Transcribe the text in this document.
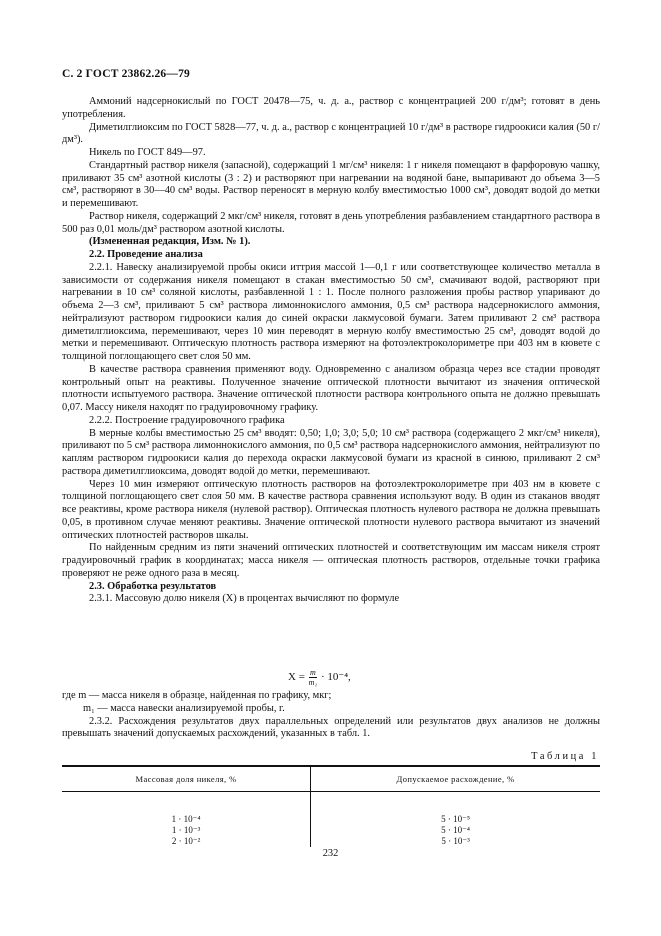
С. 2 ГОСТ 23862.26—79

Аммоний надсернокислый по ГОСТ 20478—75, ч. д. а., раствор с концентрацией 200 г/дм³; готовят в день употребления.

Диметилглиоксим по ГОСТ 5828—77, ч. д. а., раствор с концентрацией 10 г/дм³ в растворе гидроокиси калия (50 г/дм³).

Никель по ГОСТ 849—97.

Стандартный раствор никеля (запасной), содержащий 1 мг/см³ никеля: 1 г никеля помещают в фарфоровую чашку, приливают 35 см³ азотной кислоты (3 : 2) и растворяют при нагревании на водяной бане, выпаривают до объема 3—5 см³, растворяют в 30—40 см³ воды. Раствор переносят в мерную колбу вместимостью 1000 см³, доводят водой до метки и перемешивают.

Раствор никеля, содержащий 2 мкг/см³ никеля, готовят в день употребления разбавлением стандартного раствора в 500 раз 0,01 моль/дм³ раствором азотной кислоты.

(Измененная редакция, Изм. № 1).

2.2. Проведение анализа

2.2.1. Навеску анализируемой пробы окиси иттрия массой 1—0,1 г или соответствующее количество металла в зависимости от содержания никеля помещают в стакан вместимостью 50 см³, смачивают водой, растворяют при нагревании в 10 см³ соляной кислоты, разбавленной 1 : 1. После полного разложения пробы раствор упаривают до объема 2—3 см³, приливают 5 см³ раствора лимоннокислого аммония, 0,5 см³ раствора надсернокислого аммония, нейтрализуют раствором гидроокиси калия до синей окраски лакмусовой бумаги. Затем приливают 2 см³ раствора диметилглиоксима, перемешивают, через 10 мин переводят в мерную колбу вместимостью 25 см³, доводят водой до метки и перемешивают. Оптическую плотность раствора измеряют на фотоэлектроколориметре при 403 нм в кювете с толщиной поглощающего свет слоя 50 мм.

В качестве раствора сравнения применяют воду. Одновременно с анализом образца через все стадии проводят контрольный опыт на реактивы. Полученное значение оптической плотности вычитают из значения оптической плотности испытуемого раствора. Значение оптической плотности раствора контрольного опыта не должно превышать 0,07. Массу никеля находят по градуировочному графику.

2.2.2. Построение градуировочного графика

В мерные колбы вместимостью 25 см³ вводят: 0,50; 1,0; 3,0; 5,0; 10 см³ раствора (содержащего 2 мкг/см³ никеля), приливают по 5 см³ раствора лимоннокислого аммония, по 0,5 см³ раствора надсернокислого аммония, нейтрализуют по каплям раствором гидроокиси калия до перехода окраски лакмусовой бумаги из красной в синюю, приливают 2 см³ раствора диметилглиоксима, доводят водой до метки, перемешивают.

Через 10 мин измеряют оптическую плотность растворов на фотоэлектроколориметре при 403 нм в кювете с толщиной поглощающего свет слоя 50 мм. В качестве раствора сравнения используют воду. В один из стаканов вводят все реактивы, кроме раствора никеля (нулевой раствор). Оптическая плотность нулевого раствора не должна превышать 0,05, в противном случае меняют реактивы. Значение оптической плотности нулевого раствора вычитают из значений оптических плотностей растворов шкалы.

По найденным средним из пяти значений оптических плотностей и соответствующим им массам никеля строят градуировочный график в координатах; масса никеля — оптическая плотность растворов, отдельные точки графика проверяют не реже одного раза в месяц.

2.3. Обработка результатов

2.3.1. Массовую долю никеля (X) в процентах вычисляют по формуле

$X = \frac{m}{\text{m₁}} \cdot 10^{-4}$,

где m — масса никеля в образце, найденная по графику, мкг;

m₁ — масса навески анализируемой пробы, г.

2.3.2. Расхождения результатов двух параллельных определений или результатов двух анализов не должны превышать значений допускаемых расхождений, указанных в табл. 1.

Таблица 1
Массовая доля никеля, %	Допускаемое расхождение, %

1 · 10⁻⁴	5 · 10⁻⁵
1 · 10⁻³	5 · 10⁻⁴
2 · 10⁻²	5 · 10⁻³
232
